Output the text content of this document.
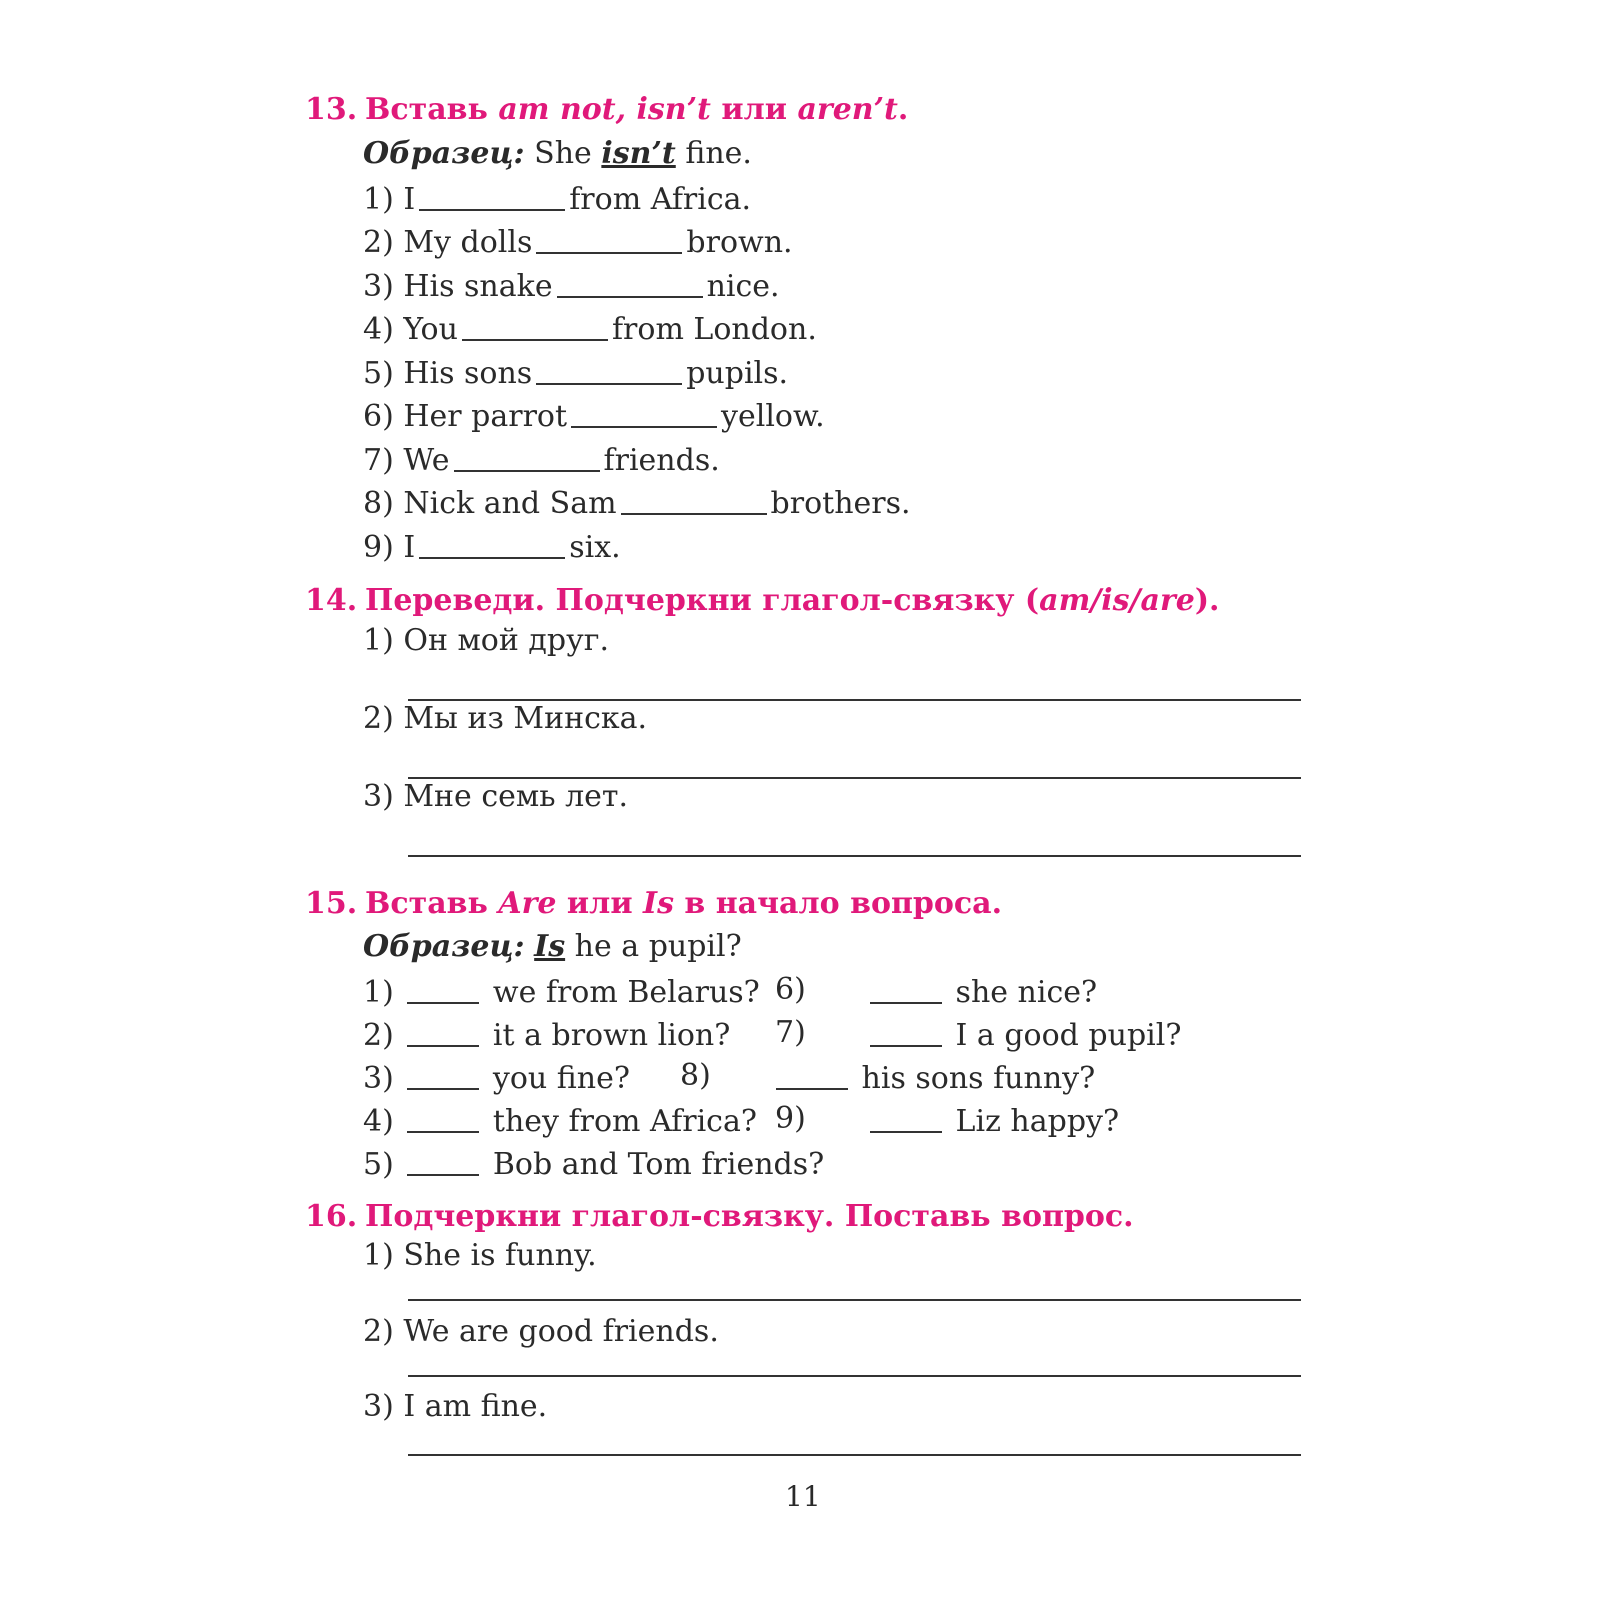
13. Вставь am not, isn’t или aren’t.
Образец: She isn’t fine.
1) I	from Africa.
2) My dolls	brown.
3) His snake	nice.
4) You	from London.
5) His sons	pupils.
6) Her parrot	yellow.
7) We	friends.
8) Nick and Sam	brothers.
9) I	six.
14. Переведи. Подчеркни глагол-связку (am/is/are).
1) Он мой друг.
2) Мы из Минска.
3) Мне семь лет.
15. Вставь Are или Is в начало вопроса.
Образец: Is he a pupil?
1)	we from Belarus?
2)	it a brown lion?
3)	you fine?
4)	they from Africa?
5)	Bob and Tom friends?
6)	she nice?
7)	I a good pupil?
8)	his sons funny?
9)	Liz happy?
16. Подчеркни глагол-связку. Поставь вопрос.
1) She is funny.
2) We are good friends.
3) I am fine.
11
